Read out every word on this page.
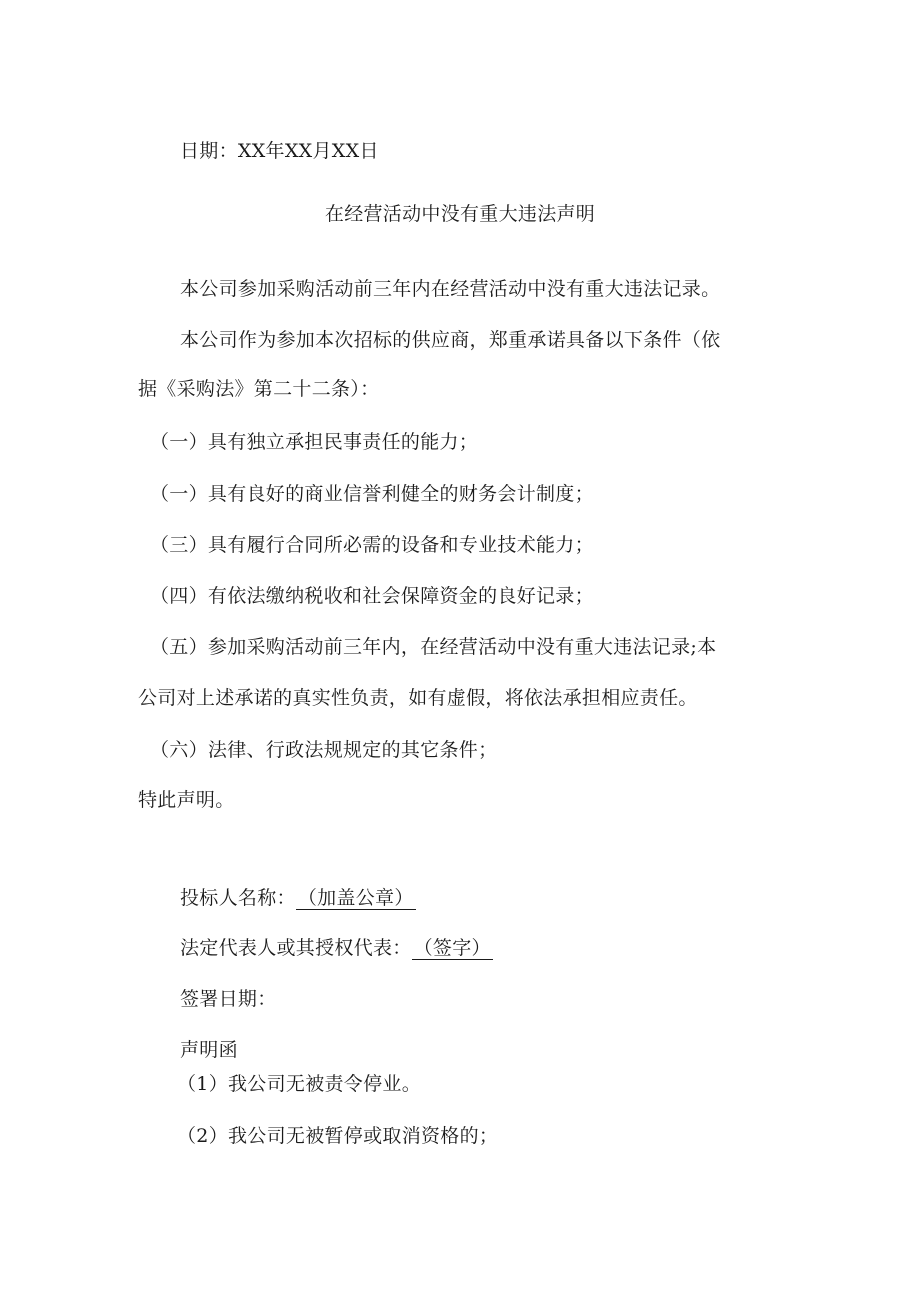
日期：XX年XX月XX日
在经营活动中没有重大违法声明
本公司参加采购活动前三年内在经营活动中没有重大违法记录。
本公司作为参加本次招标的供应商，郑重承诺具备以下条件（依
据《采购法》第二十二条）：
（一）具有独立承担民事责任的能力；
（一）具有良好的商业信誉利健全的财务会计制度；
（三）具有履行合同所必需的设备和专业技术能力；
（四）有依法缴纳税收和社会保障资金的良好记录；
（五）参加采购活动前三年内，在经营活动中没有重大违法记录;本
公司对上述承诺的真实性负责，如有虚假，将依法承担相应责任。
（六）法律、行政法规规定的其它条件；
特此声明。
投标人名称： （加盖公章）
法定代表人或其授权代表： （签字）
签署日期：
声明函
（1）我公司无被责令停业。
（2）我公司无被暂停或取消资格的；
